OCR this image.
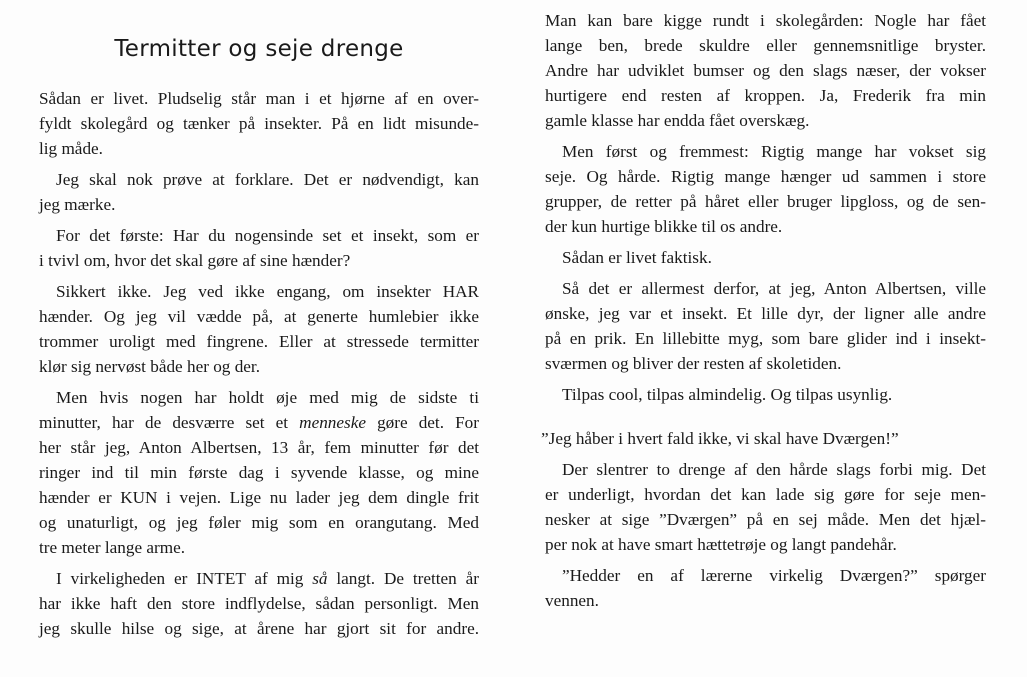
Termitter og seje drenge

Sådan er livet. Pludselig står man i et hjørne af en over-
fyldt skolegård og tænker på insekter. På en lidt misunde-
lig måde.

Jeg skal nok prøve at forklare. Det er nødvendigt, kan
jeg mærke.

For det første: Har du nogensinde set et insekt, som er
i tvivl om, hvor det skal gøre af sine hænder?

Sikkert ikke. Jeg ved ikke engang, om insekter HAR
hænder. Og jeg vil vædde på, at generte humlebier ikke
trommer uroligt med fingrene. Eller at stressede termitter
klør sig nervøst både her og der.

Men hvis nogen har holdt øje med mig de sidste ti
minutter, har de desværre set et menneske gøre det. For
her står jeg, Anton Albertsen, 13 år, fem minutter før det
ringer ind til min første dag i syvende klasse, og mine
hænder er KUN i vejen. Lige nu lader jeg dem dingle frit
og unaturligt, og jeg føler mig som en orangutang. Med
tre meter lange arme.

I virkeligheden er INTET af mig så langt. De tretten år
har ikke haft den store indflydelse, sådan personligt. Men
jeg skulle hilse og sige, at årene har gjort sit for andre.

Man kan bare kigge rundt i skolegården: Nogle har fået
lange ben, brede skuldre eller gennemsnitlige bryster.
Andre har udviklet bumser og den slags næser, der vokser
hurtigere end resten af kroppen. Ja, Frederik fra min
gamle klasse har endda fået overskæg.

Men først og fremmest: Rigtig mange har vokset sig
seje. Og hårde. Rigtig mange hænger ud sammen i store
grupper, de retter på håret eller bruger lipgloss, og de sen-
der kun hurtige blikke til os andre.

Sådan er livet faktisk.

Så det er allermest derfor, at jeg, Anton Albertsen, ville
ønske, jeg var et insekt. Et lille dyr, der ligner alle andre
på en prik. En lillebitte myg, som bare glider ind i insekt-
sværmen og bliver der resten af skoletiden.

Tilpas cool, tilpas almindelig. Og tilpas usynlig.

”Jeg håber i hvert fald ikke, vi skal have Dværgen!”

Der slentrer to drenge af den hårde slags forbi mig. Det
er underligt, hvordan det kan lade sig gøre for seje men-
nesker at sige ”Dværgen” på en sej måde. Men det hjæl-
per nok at have smart hættetrøje og langt pandehår.

”Hedder en af lærerne virkelig Dværgen?” spørger
vennen.
